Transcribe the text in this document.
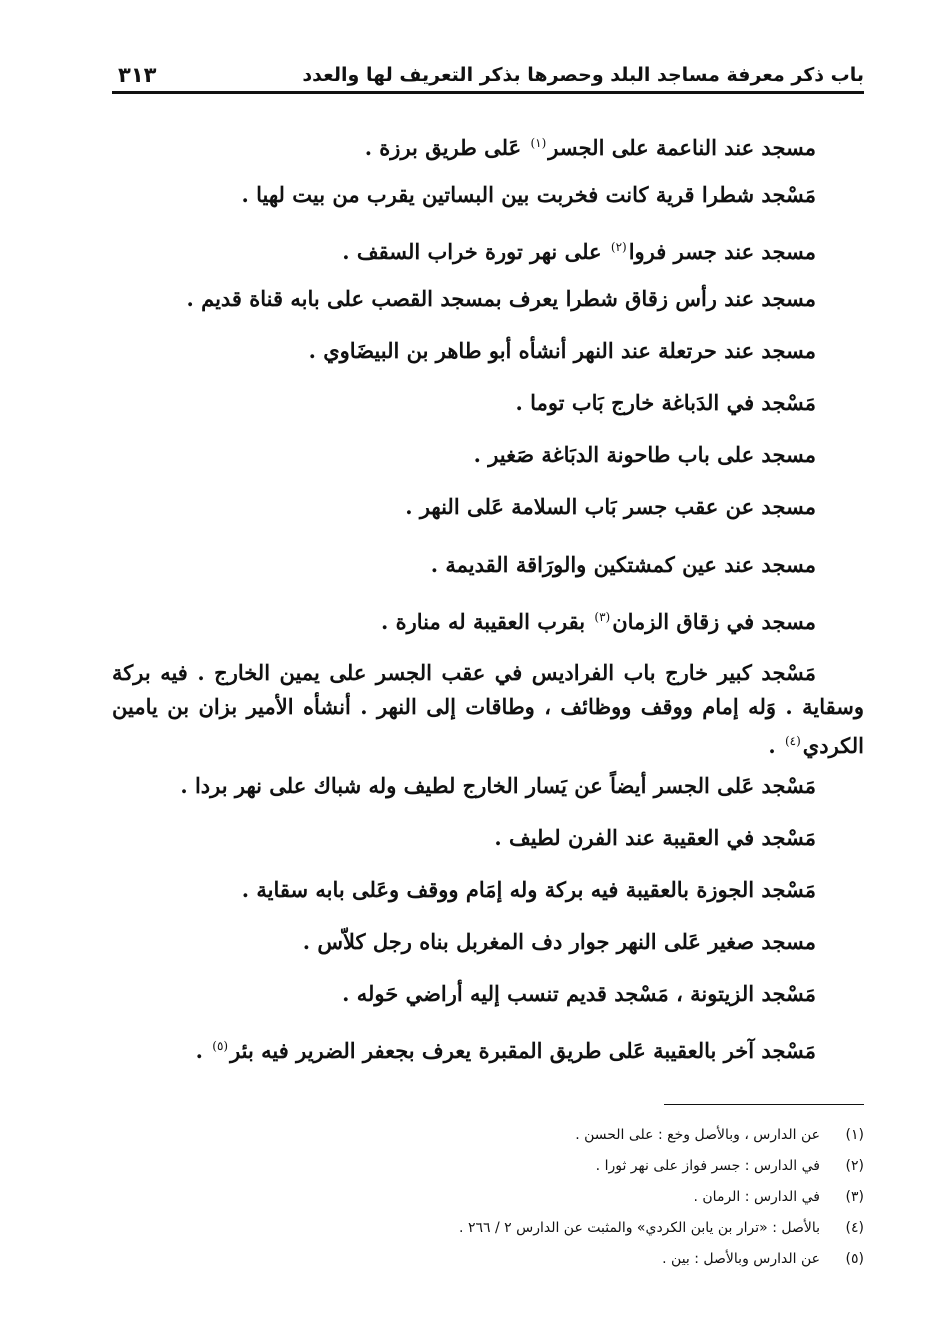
باب ذكر معرفة مساجد البلد وحصرها بذكر التعريف لها والعدد
٣١٣
مسجد عند الناعمة على الجسر$^{(١)}$ عَلى طريق برزة .
مَسْجد شطرا قرية كانت فخربت بين البساتين يقرب من بيت لهيا .
مسجد عند جسر فروا$^{(٢)}$ على نهر تورة خراب السقف .
مسجد عند رأس زقاق شطرا يعرف بمسجد القصب على بابه قناة قديم .
مسجد عند حرتعلة عند النهر أنشأه أبو طاهر بن البيضَاوي .
مَسْجد في الدَباغة خارج بَاب توما .
مسجد على باب طاحونة الدبَاغة صَغير .
مسجد عن عقب جسر بَاب السلامة عَلى النهر .
مسجد عند عين كمشتكين والورَاقة القديمة .
مسجد في زقاق الزمان$^{(٣)}$ بقرب العقيبة له منارة .
مَسْجد كبير خارج باب الفراديس في عقب الجسر على يمين الخارج . فيه بركة وسقاية . وَله إمام ووقف ووظائف ، وطاقات إلى النهر . أنشأه الأمير بزان بن يامين الكردي$^{(٤)}$ .
مَسْجد عَلى الجسر أيضاً عن يَسار الخارج لطيف وله شباك على نهر بردا .
مَسْجد في العقيبة عند الفرن لطيف .
مَسْجد الجوزة بالعقيبة فيه بركة وله إمَام ووقف وعَلى بابه سقاية .
مسجد صغير عَلى النهر جوار دف المغربل بناه رجل كلاّس .
مَسْجد الزيتونة ، مَسْجد قديم تنسب إليه أراضي حَوله .
مَسْجد آخر بالعقيبة عَلى طريق المقبرة يعرف بجعفر الضرير فيه بئر$^{(٥)}$ .
(١)عن الدارس ، وبالأصل وخع : على الحسن .
(٢)في الدارس : جسر فواز على نهر ثورا .
(٣)في الدارس : الرمان .
(٤)بالأصل : «ترار بن يابن الكردي» والمثبت عن الدارس ٢ / ٢٦٦ .
(٥)عن الدارس وبالأصل : بين .
